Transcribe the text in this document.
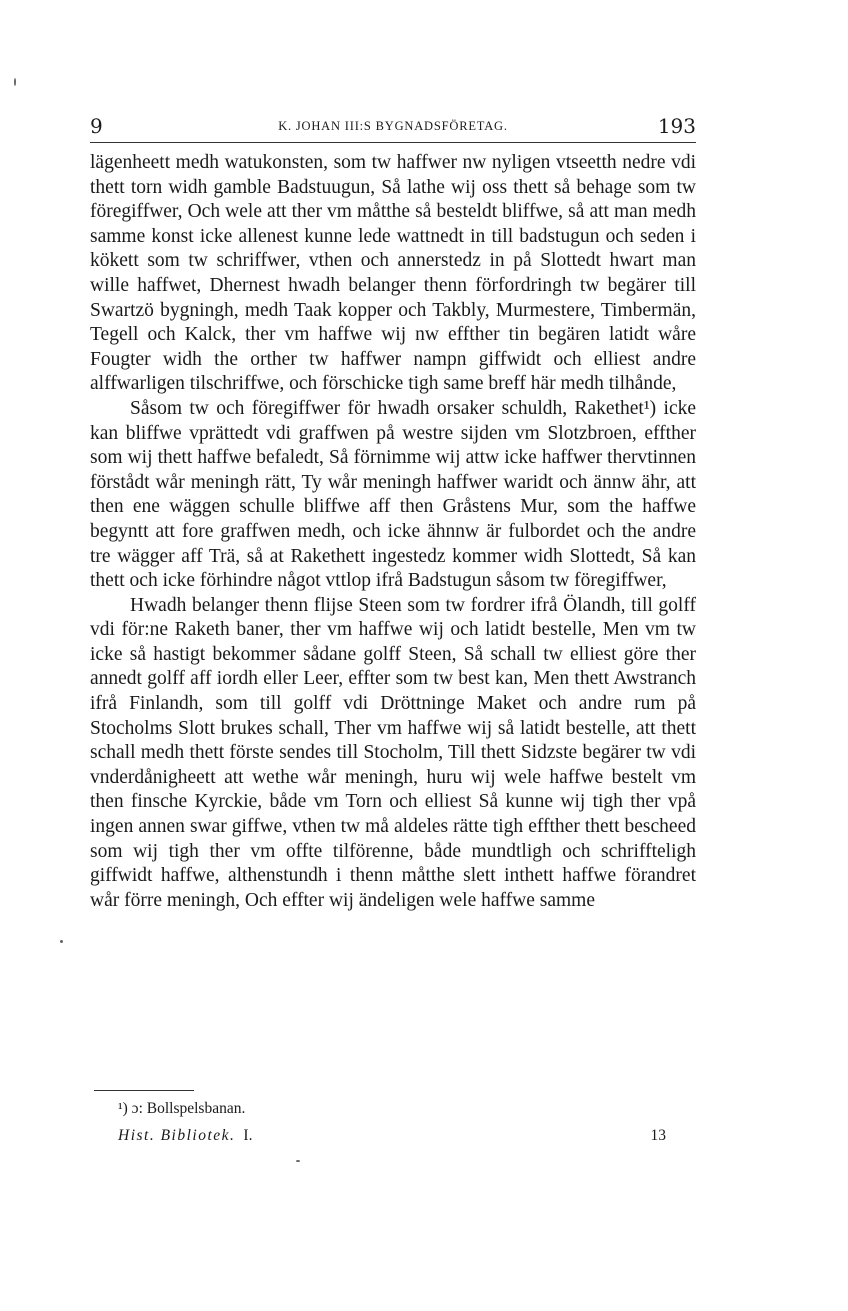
9	K. JOHAN III:S BYGNADSFÖRETAG.	193

lägenheett medh watukonsten, som tw haffwer nw nyligen vtseetth nedre vdi thett torn widh gamble Badstuugun, Så lathe wij oss thett så behage som tw föregiffwer, Och wele att ther vm måtthe så besteldt bliffwe, så att man medh samme konst icke allenest kunne lede wattnedt in till badstugun och seden i kökett som tw schriffwer, vthen och annerstedz in på Slottedt hwart man wille haffwet, Dhernest hwadh belanger thenn förfordringh tw begärer till Swartzö bygningh, medh Taak kopper och Takbly, Murmestere, Timbermän, Tegell och Kalck, ther vm haffwe wij nw effther tin begären latidt wåre Fougter widh the orther tw haffwer nampn giffwidt och elliest andre alffwarligen tilschriffwe, och förschicke tigh same breff här medh tilhånde,

Såsom tw och föregiffwer för hwadh orsaker schuldh, Rakethet¹) icke kan bliffwe vprättedt vdi graffwen på westre sijden vm Slotzbroen, effther som wij thett haffwe befaledt, Så förnimme wij attw icke haffwer thervtinnen förstådt wår meningh rätt, Ty wår meningh haffwer waridt och ännw ähr, att then ene wäggen schulle bliffwe aff then Gråstens Mur, som the haffwe begyntt att fore graffwen medh, och icke ähnnw är fulbordet och the andre tre wägger aff Trä, så at Rakethett ingestedz kommer widh Slottedt, Så kan thett och icke förhindre något vttlop ifrå Badstugun såsom tw föregiffwer,

Hwadh belanger thenn flijse Steen som tw fordrer ifrå Ölandh, till golff vdi för:ne Raketh baner, ther vm haffwe wij och latidt bestelle, Men vm tw icke så hastigt bekommer sådane golff Steen, Så schall tw elliest göre ther annedt golff aff iordh eller Leer, effter som tw best kan, Men thett Awstranch ifrå Finlandh, som till golff vdi Dröttninge Maket och andre rum på Stocholms Slott brukes schall, Ther vm haffwe wij så latidt bestelle, att thett schall medh thett förste sendes till Stocholm, Till thett Sidzste begärer tw vdi vnderdånigheett att wethe wår meningh, huru wij wele haffwe bestelt vm then finsche Kyrckie, både vm Torn och elliest Så kunne wij tigh ther vpå ingen annen swar giffwe, vthen tw må aldeles rätte tigh effther thett bescheed som wij tigh ther vm offte tilförenne, både mundtligh och schriffteligh giffwidt haffwe, althenstundh i thenn måtthe slett inthett haffwe förandret wår förre meningh, Och effter wij ändeligen wele haffwe samme

¹) ɔ: Bollspelsbanan.
Hist. Bibliotek. I.	13
